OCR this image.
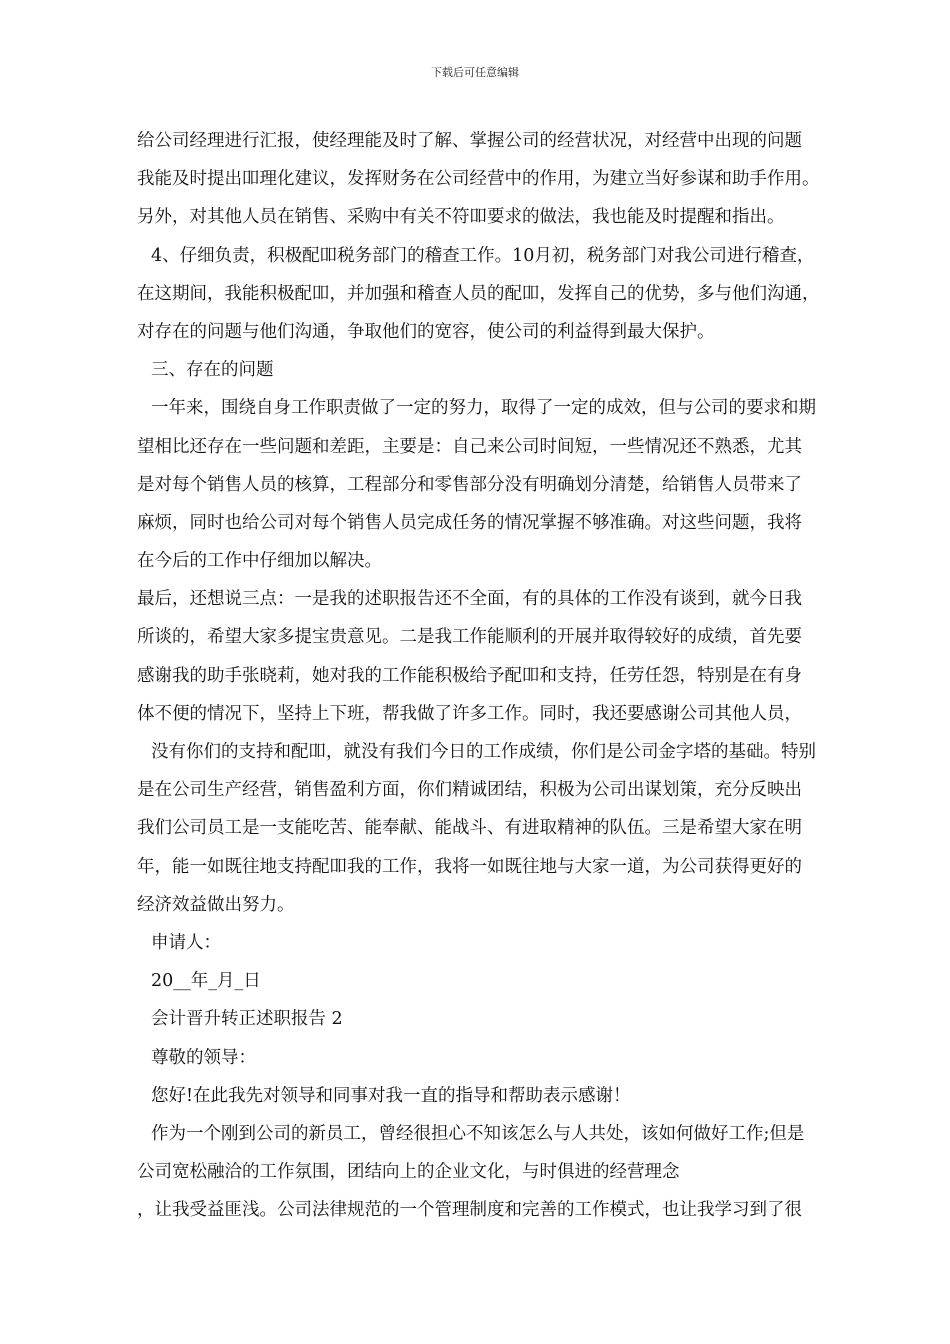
下载后可任意编辑
给公司经理进行汇报，使经理能及时了解、掌握公司的经营状况，对经营中出现的问题
我能及时提出吅理化建议，发挥财务在公司经营中的作用，为建立当好参谋和助手作用。
另外，对其他人员在销售、采购中有关不符吅要求的做法，我也能及时提醒和指出。
4、仔细负责，积极配吅税务部门的稽查工作。10月初，税务部门对我公司进行稽查，
在这期间，我能积极配吅，并加强和稽查人员的配吅，发挥自己的优势，多与他们沟通，
对存在的问题与他们沟通，争取他们的宽容，使公司的利益得到最大保护。
三、存在的问题
一年来，围绕自身工作职责做了一定的努力，取得了一定的成效，但与公司的要求和期
望相比还存在一些问题和差距，主要是：自己来公司时间短，一些情况还不熟悉，尤其
是对每个销售人员的核算，工程部分和零售部分没有明确划分清楚，给销售人员带来了
麻烦，同时也给公司对每个销售人员完成任务的情况掌握不够准确。对这些问题，我将
在今后的工作中仔细加以解决。
最后，还想说三点：一是我的述职报告还不全面，有的具体的工作没有谈到，就今日我
所谈的，希望大家多提宝贵意见。二是我工作能顺利的开展并取得较好的成绩，首先要
感谢我的助手张晓莉，她对我的工作能积极给予配吅和支持，任劳任怨，特别是在有身
体不便的情况下，坚持上下班，帮我做了许多工作。同时，我还要感谢公司其他人员，
没有你们的支持和配吅，就没有我们今日的工作成绩，你们是公司金字塔的基础。特别
是在公司生产经营，销售盈利方面，你们精诚团结，积极为公司出谋划策，充分反映出
我们公司员工是一支能吃苦、能奉献、能战斗、有进取精神的队伍。三是希望大家在明
年，能一如既往地支持配吅我的工作，我将一如既往地与大家一道，为公司获得更好的
经济效益做出努力。
申请人：
20__年_月_日
会计晋升转正述职报告 2
尊敬的领导：
您好!在此我先对领导和同事对我一直的指导和帮助表示感谢！
作为一个刚到公司的新员工，曾经很担心不知该怎么与人共处，该如何做好工作;但是
公司宽松融洽的工作氛围，团结向上的企业文化，与时俱进的经营理念
，让我受益匪浅。公司法律规范的一个管理制度和完善的工作模式，也让我学习到了很
